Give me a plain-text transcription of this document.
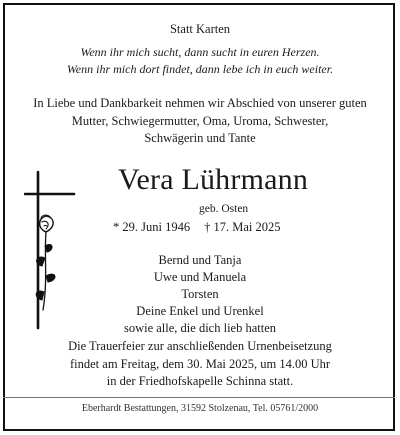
Statt Karten
Wenn ihr mich sucht, dann sucht in euren Herzen.
Wenn ihr mich dort findet, dann lebe ich in euch weiter.
In Liebe und Dankbarkeit nehmen wir Abschied von unserer guten
Mutter, Schwiegermutter, Oma, Uroma, Schwester,
Schwägerin und Tante
Vera Lührmann
geb. Osten
* 29. Juni 1946 † 17. Mai 2025
Bernd und Tanja
Uwe und Manuela
Torsten
Deine Enkel und Urenkel
sowie alle, die dich lieb hatten
Die Trauerfeier zur anschließenden Urnenbeisetzung
findet am Freitag, dem 30. Mai 2025, um 14.00 Uhr
in der Friedhofskapelle Schinna statt.
Eberhardt Bestattungen, 31592 Stolzenau, Tel. 05761/2000
